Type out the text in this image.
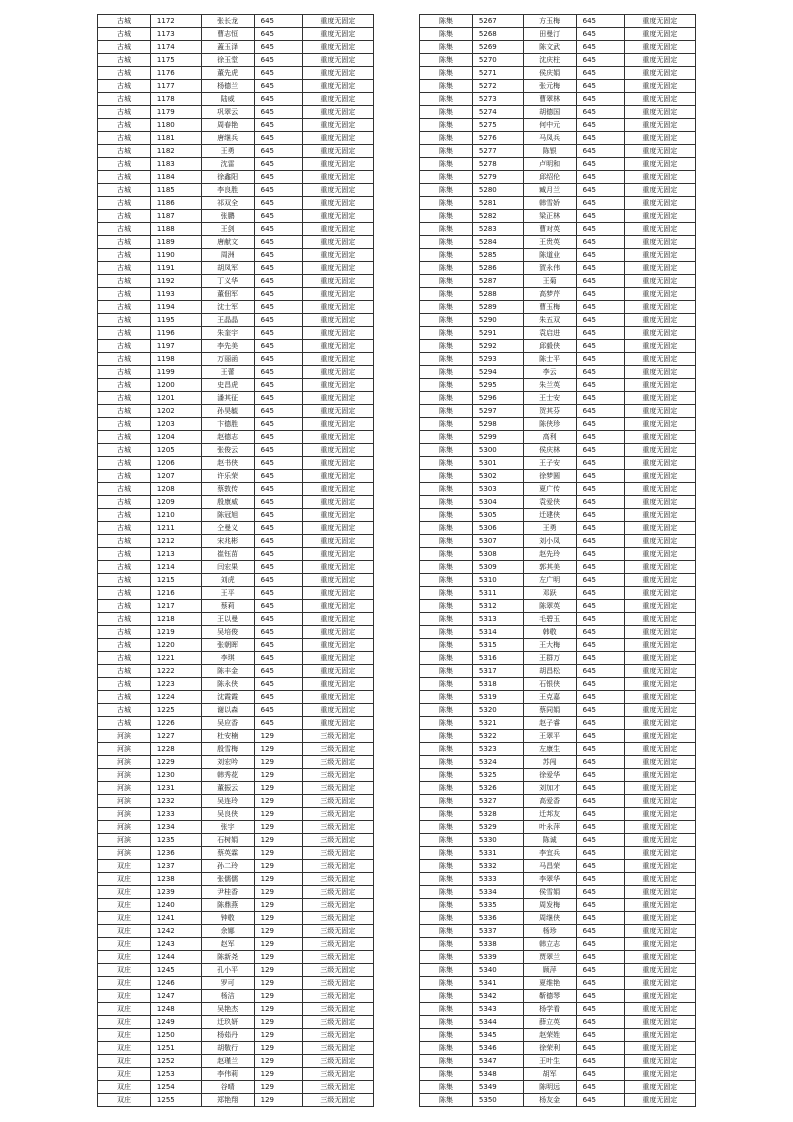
古城	1172	张长龙	645	重度无固定
古城	1173	曹志恒	645	重度无固定
古城	1174	蓋玉泽	645	重度无固定
古城	1175	徐玉堂	645	重度无固定
古城	1176	董先虎	645	重度无固定
古城	1177	杨德兰	645	重度无固定
古城	1178	陆威	645	重度无固定
古城	1179	巩翠云	645	重度无固定
古城	1180	周春艳	645	重度无固定
古城	1181	唐继兵	645	重度无固定
古城	1182	王勇	645	重度无固定
古城	1183	沈雷	645	重度无固定
古城	1184	徐鑫阳	645	重度无固定
古城	1185	李良胜	645	重度无固定
古城	1186	祁双全	645	重度无固定
古城	1187	张鹏	645	重度无固定
古城	1188	王剑	645	重度无固定
古城	1189	唐献文	645	重度无固定
古城	1190	周洲	645	重度无固定
古城	1191	胡凤军	645	重度无固定
古城	1192	丁义华	645	重度无固定
古城	1193	董佃军	645	重度无固定
古城	1194	沈士军	645	重度无固定
古城	1195	王晶晶	645	重度无固定
古城	1196	朱奎宇	645	重度无固定
古城	1197	李先美	645	重度无固定
古城	1198	万丽函	645	重度无固定
古城	1199	王蕾	645	重度无固定
古城	1200	史昌虎	645	重度无固定
古城	1201	潘其征	645	重度无固定
古城	1202	孙昊毓	645	重度无固定
古城	1203	卞德胜	645	重度无固定
古城	1204	赵德志	645	重度无固定
古城	1205	张俊云	645	重度无固定
古城	1206	赵书侠	645	重度无固定
古城	1207	许乐荣	645	重度无固定
古城	1208	蔡敦传	645	重度无固定
古城	1209	殷康威	645	重度无固定
古城	1210	陈冠旭	645	重度无固定
古城	1211	仝曼义	645	重度无固定
古城	1212	宋兆彬	645	重度无固定
古城	1213	崔钰苗	645	重度无固定
古城	1214	闫宏果	645	重度无固定
古城	1215	刘虎	645	重度无固定
古城	1216	王平	645	重度无固定
古城	1217	蔡莉	645	重度无固定
古城	1218	王以曼	645	重度无固定
古城	1219	吴培俊	645	重度无固定
古城	1220	张朝晖	645	重度无固定
古城	1221	李琪	645	重度无固定
古城	1222	陈丰金	645	重度无固定
古城	1223	陈永侠	645	重度无固定
古城	1224	沈霞霞	645	重度无固定
古城	1225	谢以森	645	重度无固定
古城	1226	吴应香	645	重度无固定
河滨	1227	杜安楠	129	三级无固定
河滨	1228	殷雪梅	129	三级无固定
河滨	1229	刘宏吟	129	三级无固定
河滨	1230	韩秀花	129	三级无固定
河滨	1231	董振云	129	三级无固定
河滨	1232	吴连玲	129	三级无固定
河滨	1233	吴良侠	129	三级无固定
河滨	1234	张宇	129	三级无固定
河滨	1235	石树娟	129	三级无固定
河滨	1236	蔡英霖	129	三级无固定
双庄	1237	孙二玲	129	三级无固定
双庄	1238	张儒儒	129	三级无固定
双庄	1239	尹桂香	129	三级无固定
双庄	1240	陈鼎燕	129	三级无固定
双庄	1241	钟敬	129	三级无固定
双庄	1242	余娜	129	三级无固定
双庄	1243	赵军	129	三级无固定
双庄	1244	陈新尧	129	三级无固定
双庄	1245	孔小平	129	三级无固定
双庄	1246	罗可	129	三级无固定
双庄	1247	杨洁	129	三级无固定
双庄	1248	吴艳杰	129	三级无固定
双庄	1249	迁玖妍	129	三级无固定
双庄	1250	杨茹丹	129	三级无固定
双庄	1251	胡敬行	129	三级无固定
双庄	1252	赵瑾兰	129	三级无固定
双庄	1253	李伟莉	129	三级无固定
双庄	1254	谷晴	129	三级无固定
双庄	1255	郑艳翔	129	三级无固定
陈集	5267	方玉梅	645	重度无固定
陈集	5268	田曼汀	645	重度无固定
陈集	5269	陈文武	645	重度无固定
陈集	5270	沈庆柱	645	重度无固定
陈集	5271	侯庆娟	645	重度无固定
陈集	5272	张元梅	645	重度无固定
陈集	5273	曹翠林	645	重度无固定
陈集	5274	胡德国	645	重度无固定
陈集	5275	何中元	645	重度无固定
陈集	5276	马凤兵	645	重度无固定
陈集	5277	陈银	645	重度无固定
陈集	5278	卢明和	645	重度无固定
陈集	5279	邱绍伦	645	重度无固定
陈集	5280	臧月兰	645	重度无固定
陈集	5281	韩雪娇	645	重度无固定
陈集	5282	梁正林	645	重度无固定
陈集	5283	曹对英	645	重度无固定
陈集	5284	王贵英	645	重度无固定
陈集	5285	陈道业	645	重度无固定
陈集	5286	賀永伟	645	重度无固定
陈集	5287	王菊	645	重度无固定
陈集	5288	高梦芹	645	重度无固定
陈集	5289	曹玉梅	645	重度无固定
陈集	5290	朱五双	645	重度无固定
陈集	5291	袁启进	645	重度无固定
陈集	5292	邱毅侠	645	重度无固定
陈集	5293	陈士平	645	重度无固定
陈集	5294	李云	645	重度无固定
陈集	5295	朱兰英	645	重度无固定
陈集	5296	王士安	645	重度无固定
陈集	5297	贺其芬	645	重度无固定
陈集	5298	陈侠珍	645	重度无固定
陈集	5299	高利	645	重度无固定
陈集	5300	侯庆林	645	重度无固定
陈集	5301	王子安	645	重度无固定
陈集	5302	徐梦圆	645	重度无固定
陈集	5303	夏广传	645	重度无固定
陈集	5304	袁爱侠	645	重度无固定
陈集	5305	迁建侠	645	重度无固定
陈集	5306	王勇	645	重度无固定
陈集	5307	刘小凤	645	重度无固定
陈集	5308	赵先玲	645	重度无固定
陈集	5309	郭其美	645	重度无固定
陈集	5310	左广明	645	重度无固定
陈集	5311	邓跃	645	重度无固定
陈集	5312	陈翠英	645	重度无固定
陈集	5313	毛碧玉	645	重度无固定
陈集	5314	韩敬	645	重度无固定
陈集	5315	王大梅	645	重度无固定
陈集	5316	王群万	645	重度无固定
陈集	5317	胡昌松	645	重度无固定
陈集	5318	石银侠	645	重度无固定
陈集	5319	王克嘉	645	重度无固定
陈集	5320	蔡同娟	645	重度无固定
陈集	5321	赵子睿	645	重度无固定
陈集	5322	王翠平	645	重度无固定
陈集	5323	左康生	645	重度无固定
陈集	5324	苏闯	645	重度无固定
陈集	5325	徐爱华	645	重度无固定
陈集	5326	刘加才	645	重度无固定
陈集	5327	高爱香	645	重度无固定
陈集	5328	迁邦友	645	重度无固定
陈集	5329	叶永萍	645	重度无固定
陈集	5330	陈诚	645	重度无固定
陈集	5331	李宜兵	645	重度无固定
陈集	5332	马昌荣	645	重度无固定
陈集	5333	李翠华	645	重度无固定
陈集	5334	侯雪娟	645	重度无固定
陈集	5335	周发梅	645	重度无固定
陈集	5336	周继侠	645	重度无固定
陈集	5337	杨珍	645	重度无固定
陈集	5338	韩立志	645	重度无固定
陈集	5339	贾翠兰	645	重度无固定
陈集	5340	顾萍	645	重度无固定
陈集	5341	夏维艳	645	重度无固定
陈集	5342	靳德琴	645	重度无固定
陈集	5343	杨学看	645	重度无固定
陈集	5344	薛立英	645	重度无固定
陈集	5345	赵荣姓	645	重度无固定
陈集	5346	徐荣利	645	重度无固定
陈集	5347	王叶生	645	重度无固定
陈集	5348	胡军	645	重度无固定
陈集	5349	陈明远	645	重度无固定
陈集	5350	杨友金	645	重度无固定
